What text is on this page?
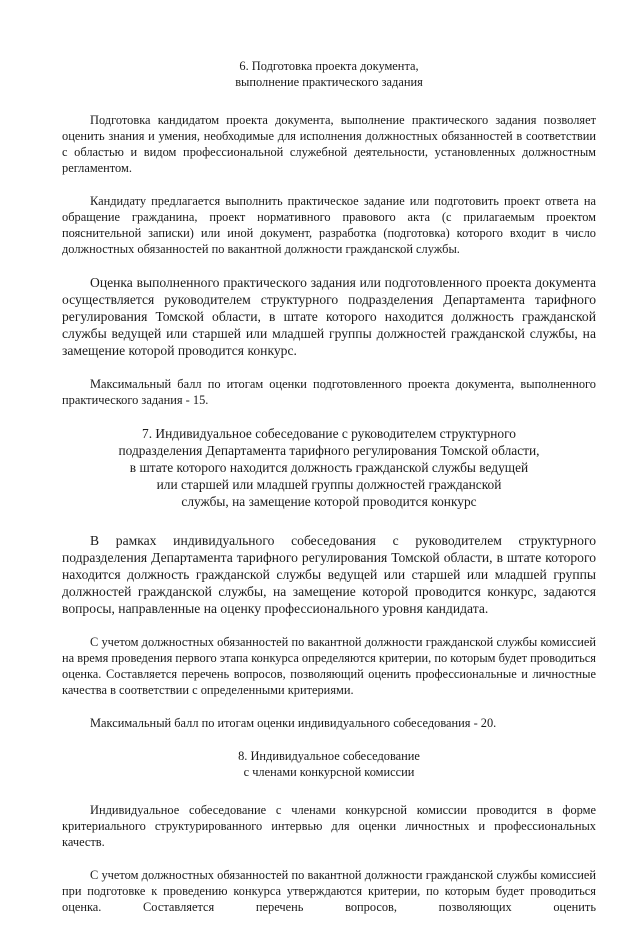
6. Подготовка проекта документа,
выполнение практического задания

Подготовка кандидатом проекта документа, выполнение практического задания позволяет оценить знания и умения, необходимые для исполнения должностных обязанностей в соответствии с областью и видом профессиональной служебной деятельности, установленных должностным регламентом.

Кандидату предлагается выполнить практическое задание или подготовить проект ответа на обращение гражданина, проект нормативного правового акта (с прилагаемым проектом пояснительной записки) или иной документ, разработка (подготовка) которого входит в число должностных обязанностей по вакантной должности гражданской службы.

Оценка выполненного практического задания или подготовленного проекта документа осуществляется руководителем структурного подразделения Департамента тарифного регулирования Томской области, в штате которого находится должность гражданской службы ведущей или старшей или младшей группы должностей гражданской службы, на замещение которой проводится конкурс.

Максимальный балл по итогам оценки подготовленного проекта документа, выполненного практического задания - 15.

7. Индивидуальное собеседование с руководителем структурного
подразделения Департамента тарифного регулирования Томской области,
в штате которого находится должность гражданской службы ведущей
или старшей или младшей группы должностей гражданской
службы, на замещение которой проводится конкурс

В рамках индивидуального собеседования с руководителем структурного подразделения Департамента тарифного регулирования Томской области, в штате которого находится должность гражданской службы ведущей или старшей или младшей группы должностей гражданской службы, на замещение которой проводится конкурс, задаются вопросы, направленные на оценку профессионального уровня кандидата.

С учетом должностных обязанностей по вакантной должности гражданской службы комиссией на время проведения первого этапа конкурса определяются критерии, по которым будет проводиться оценка. Составляется перечень вопросов, позволяющий оценить профессиональные и личностные качества в соответствии с определенными критериями.

Максимальный балл по итогам оценки индивидуального собеседования - 20.

8. Индивидуальное собеседование
с членами конкурсной комиссии

Индивидуальное собеседование с членами конкурсной комиссии проводится в форме критериального структурированного интервью для оценки личностных и профессиональных качеств.

С учетом должностных обязанностей по вакантной должности гражданской службы комиссией при подготовке к проведению конкурса утверждаются критерии, по которым будет проводиться оценка. Составляется перечень вопросов, позволяющих оценить
